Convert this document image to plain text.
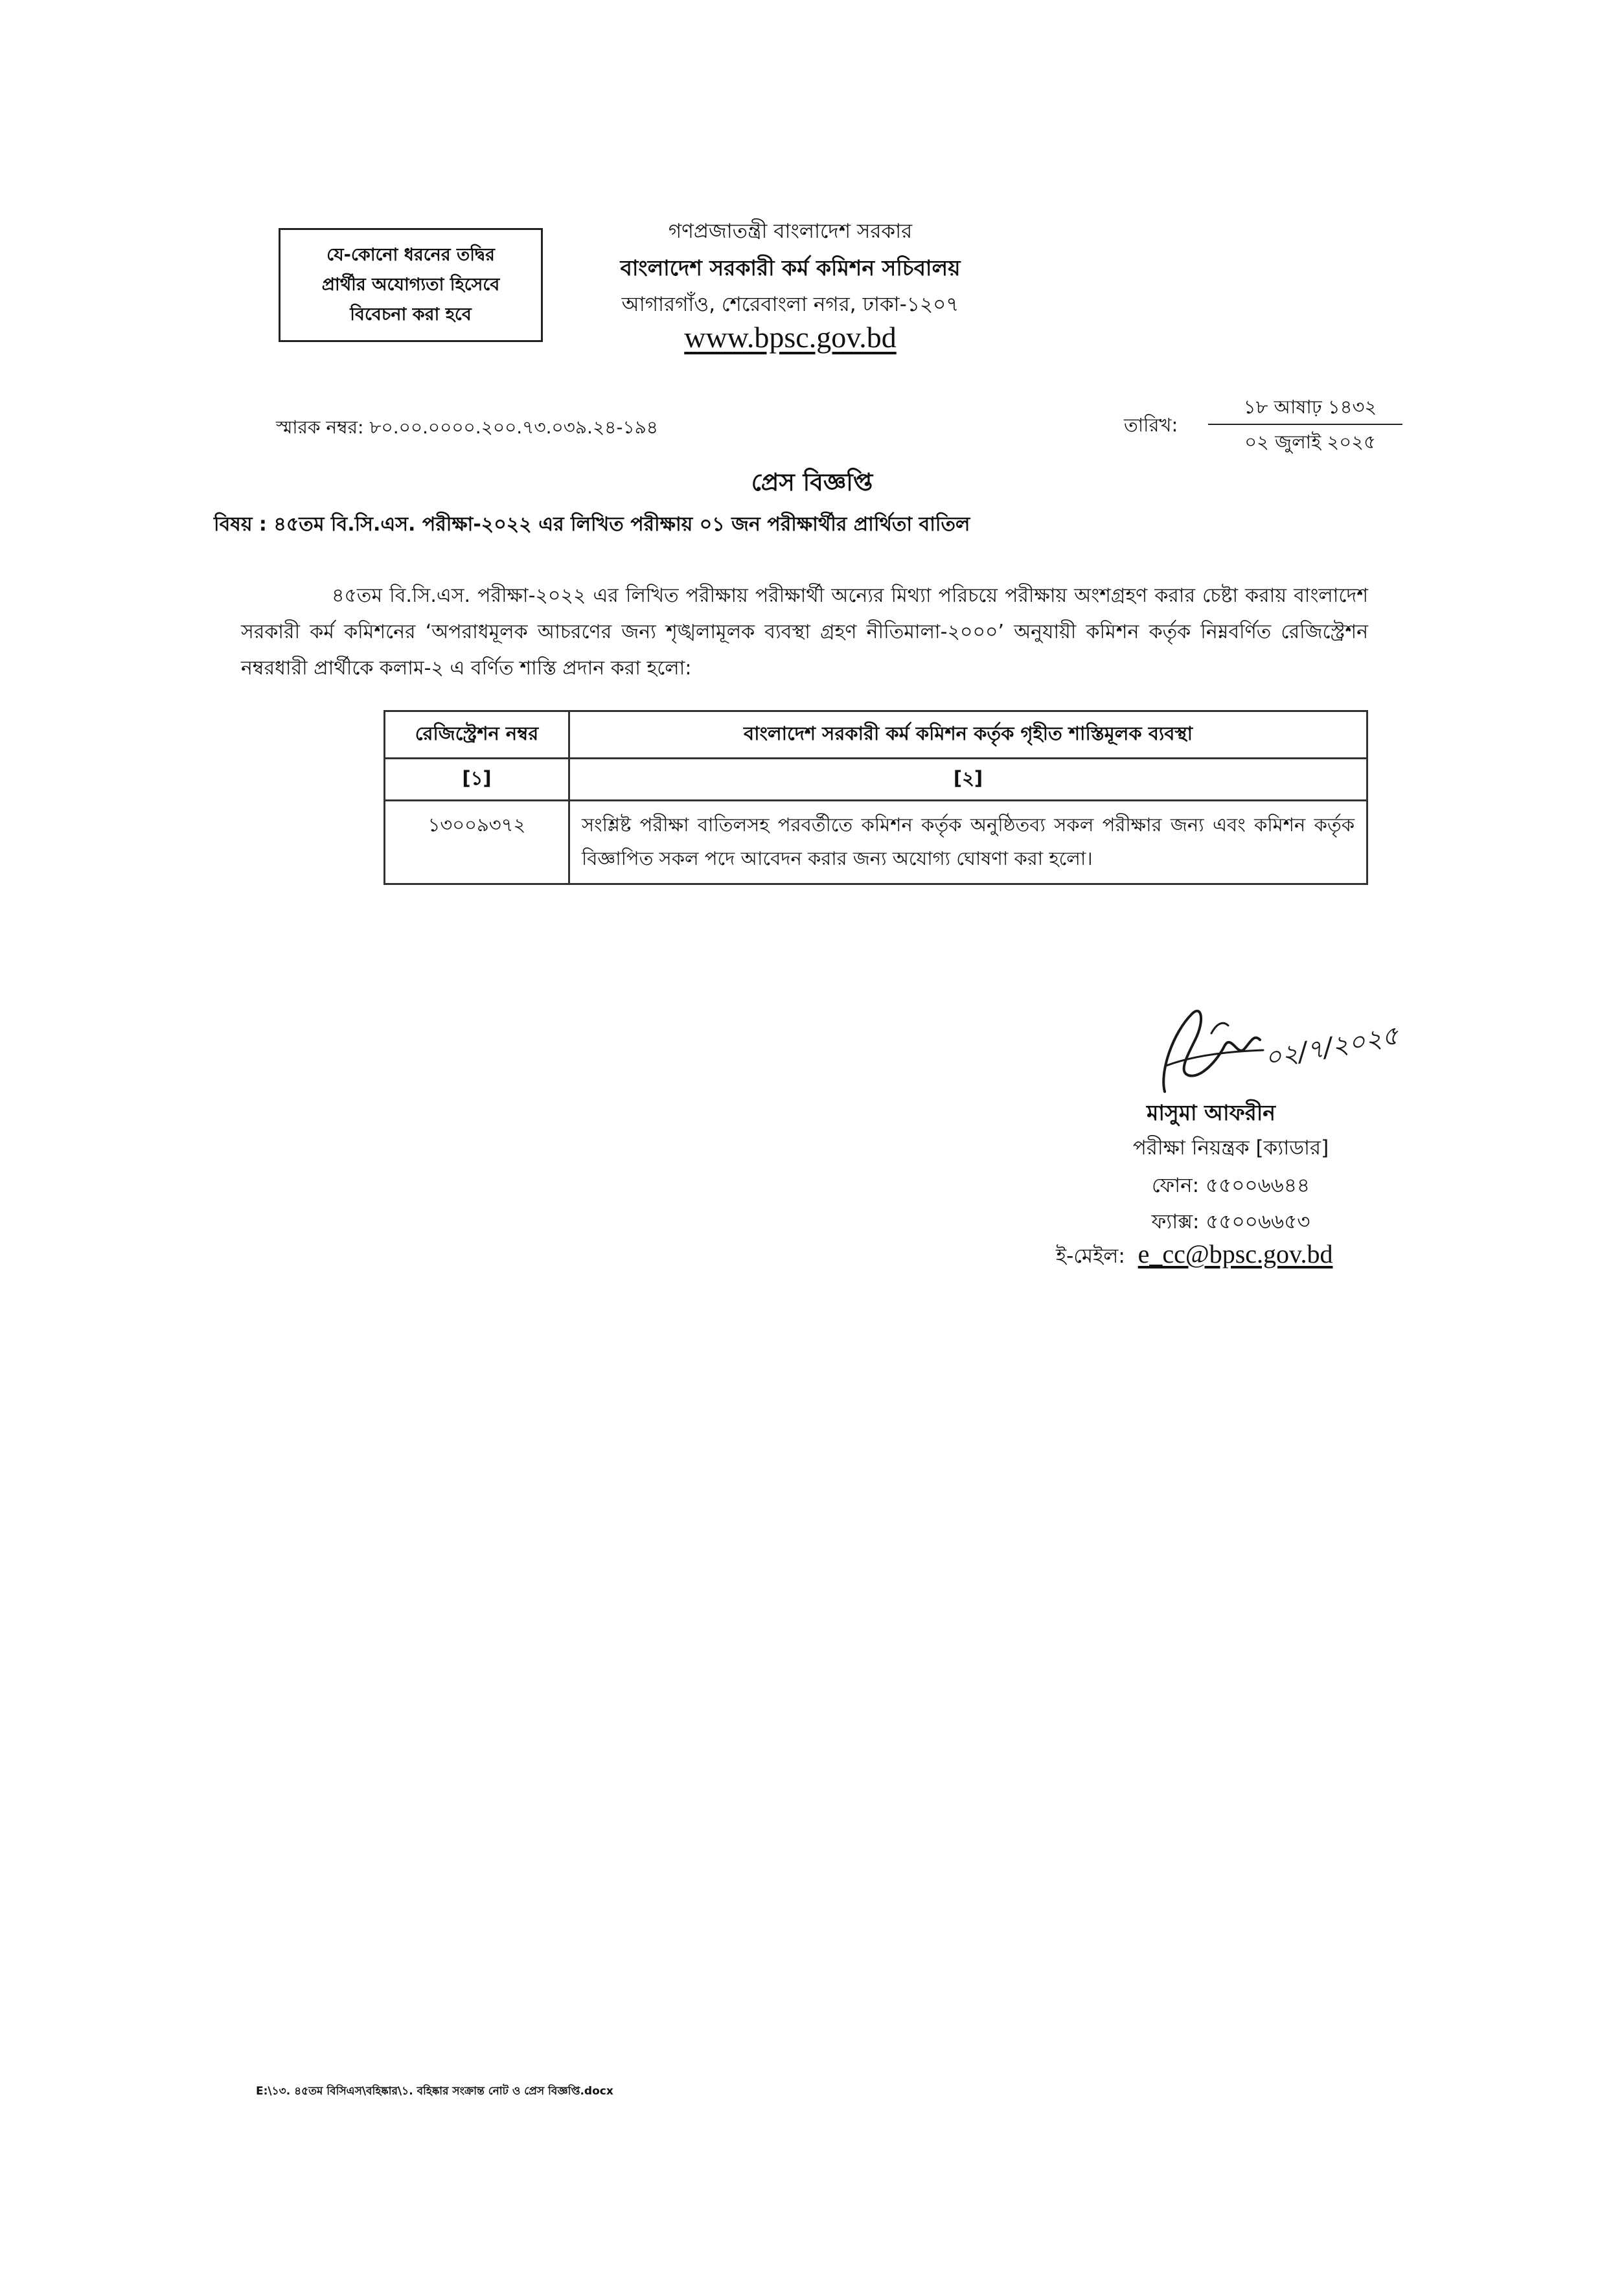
যে-কোনো ধরনের তদ্বির
প্রার্থীর অযোগ্যতা হিসেবে
বিবেচনা করা হবে
গণপ্রজাতন্ত্রী বাংলাদেশ সরকার
বাংলাদেশ সরকারী কর্ম কমিশন সচিবালয়
আগারগাঁও, শেরেবাংলা নগর, ঢাকা-১২০৭
www.bpsc.gov.bd
স্মারক নম্বর: ৮০.০০.০০০০.২০০.৭৩.০৩৯.২৪-১৯৪	তারিখ:
১৮ আষাঢ় ১৪৩২
০২ জুলাই ২০২৫
প্রেস বিজ্ঞপ্তি
বিষয় : ৪৫তম বি.সি.এস. পরীক্ষা-২০২২ এর লিখিত পরীক্ষায় ০১ জন পরীক্ষার্থীর প্রার্থিতা বাতিল
৪৫তম বি.সি.এস. পরীক্ষা-২০২২ এর লিখিত পরীক্ষায় পরীক্ষার্থী অন্যের মিথ্যা পরিচয়ে পরীক্ষায় অংশগ্রহণ করার চেষ্টা করায় বাংলাদেশ সরকারী কর্ম কমিশনের ‘অপরাধমূলক আচরণের জন্য শৃঙ্খলামূলক ব্যবস্থা গ্রহণ নীতিমালা-২০০০’ অনুযায়ী কমিশন কর্তৃক নিম্নবর্ণিত রেজিস্ট্রেশন নম্বরধারী প্রার্থীকে কলাম-২ এ বর্ণিত শাস্তি প্রদান করা হলো:
রেজিস্ট্রেশন নম্বর	বাংলাদেশ সরকারী কর্ম কমিশন কর্তৃক গৃহীত শাস্তিমূলক ব্যবস্থা
[১]	[২]
১৩০০৯৩৭২	সংশ্লিষ্ট পরীক্ষা বাতিলসহ পরবর্তীতে কমিশন কর্তৃক অনুষ্ঠিতব্য সকল পরীক্ষার জন্য এবং কমিশন কর্তৃক বিজ্ঞাপিত সকল পদে আবেদন করার জন্য অযোগ্য ঘোষণা করা হলো।
০২/৭/২০২৫
মাসুমা আফরীন
পরীক্ষা নিয়ন্ত্রক [ক্যাডার]
ফোন: ৫৫০০৬৬৪৪
ফ্যাক্স: ৫৫০০৬৬৫৩
ই-মেইল: e_cc@bpsc.gov.bd
E:\১৩. ৪৫তম বিসিএস\বহিষ্কার\১. বহিষ্কার সংক্রান্ত নোট ও প্রেস বিজ্ঞপ্তি.docx
